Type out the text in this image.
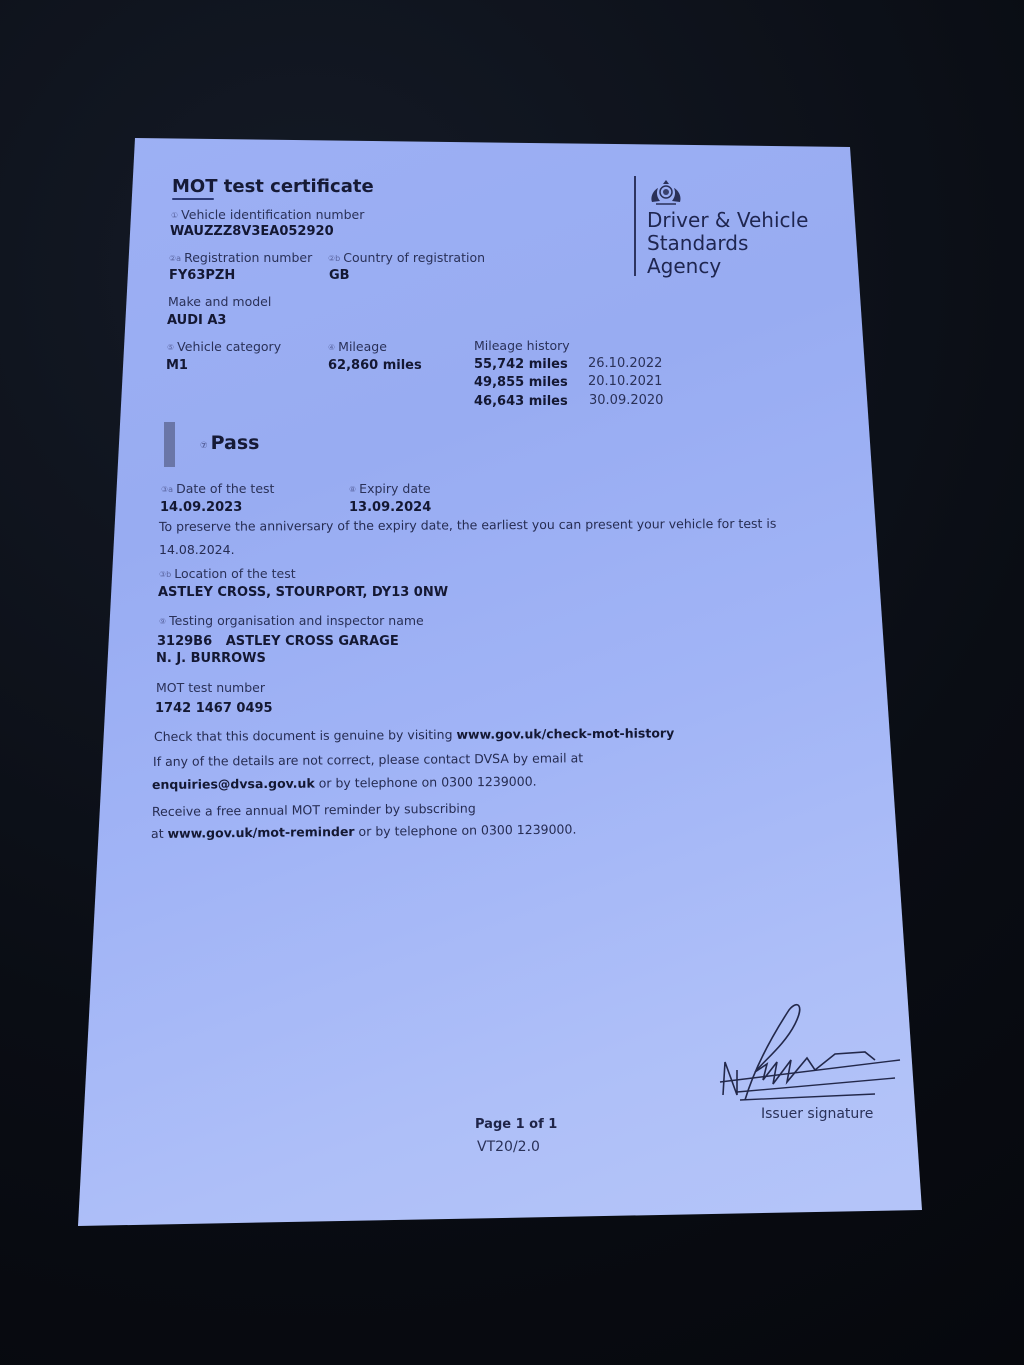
MOT test certificate
Driver & Vehicle
Standards
Agency
① Vehicle identification number
WAUZZZ8V3EA052920
②a Registration number
FY63PZH
②b Country of registration
GB
Make and model
AUDI A3
⑤ Vehicle category
M1
④ Mileage
62,860 miles
Mileage history
55,742 miles 26.10.2022
49,855 miles 20.10.2021
46,643 miles 30.09.2020
⑦ Pass
③a Date of the test
14.09.2023
⑧ Expiry date
13.09.2024
To preserve the anniversary of the expiry date, the earliest you can present your vehicle for test is
14.08.2024.
③b Location of the test
ASTLEY CROSS, STOURPORT, DY13 0NW
⑨ Testing organisation and inspector name
3129B6   ASTLEY CROSS GARAGE
N. J. BURROWS
MOT test number
1742 1467 0495
Check that this document is genuine by visiting www.gov.uk/check-mot-history
If any of the details are not correct, please contact DVSA by email at
enquiries@dvsa.gov.uk or by telephone on 0300 1239000.
Receive a free annual MOT reminder by subscribing
at www.gov.uk/mot-reminder or by telephone on 0300 1239000.
Issuer signature
Page 1 of 1
VT20/2.0
